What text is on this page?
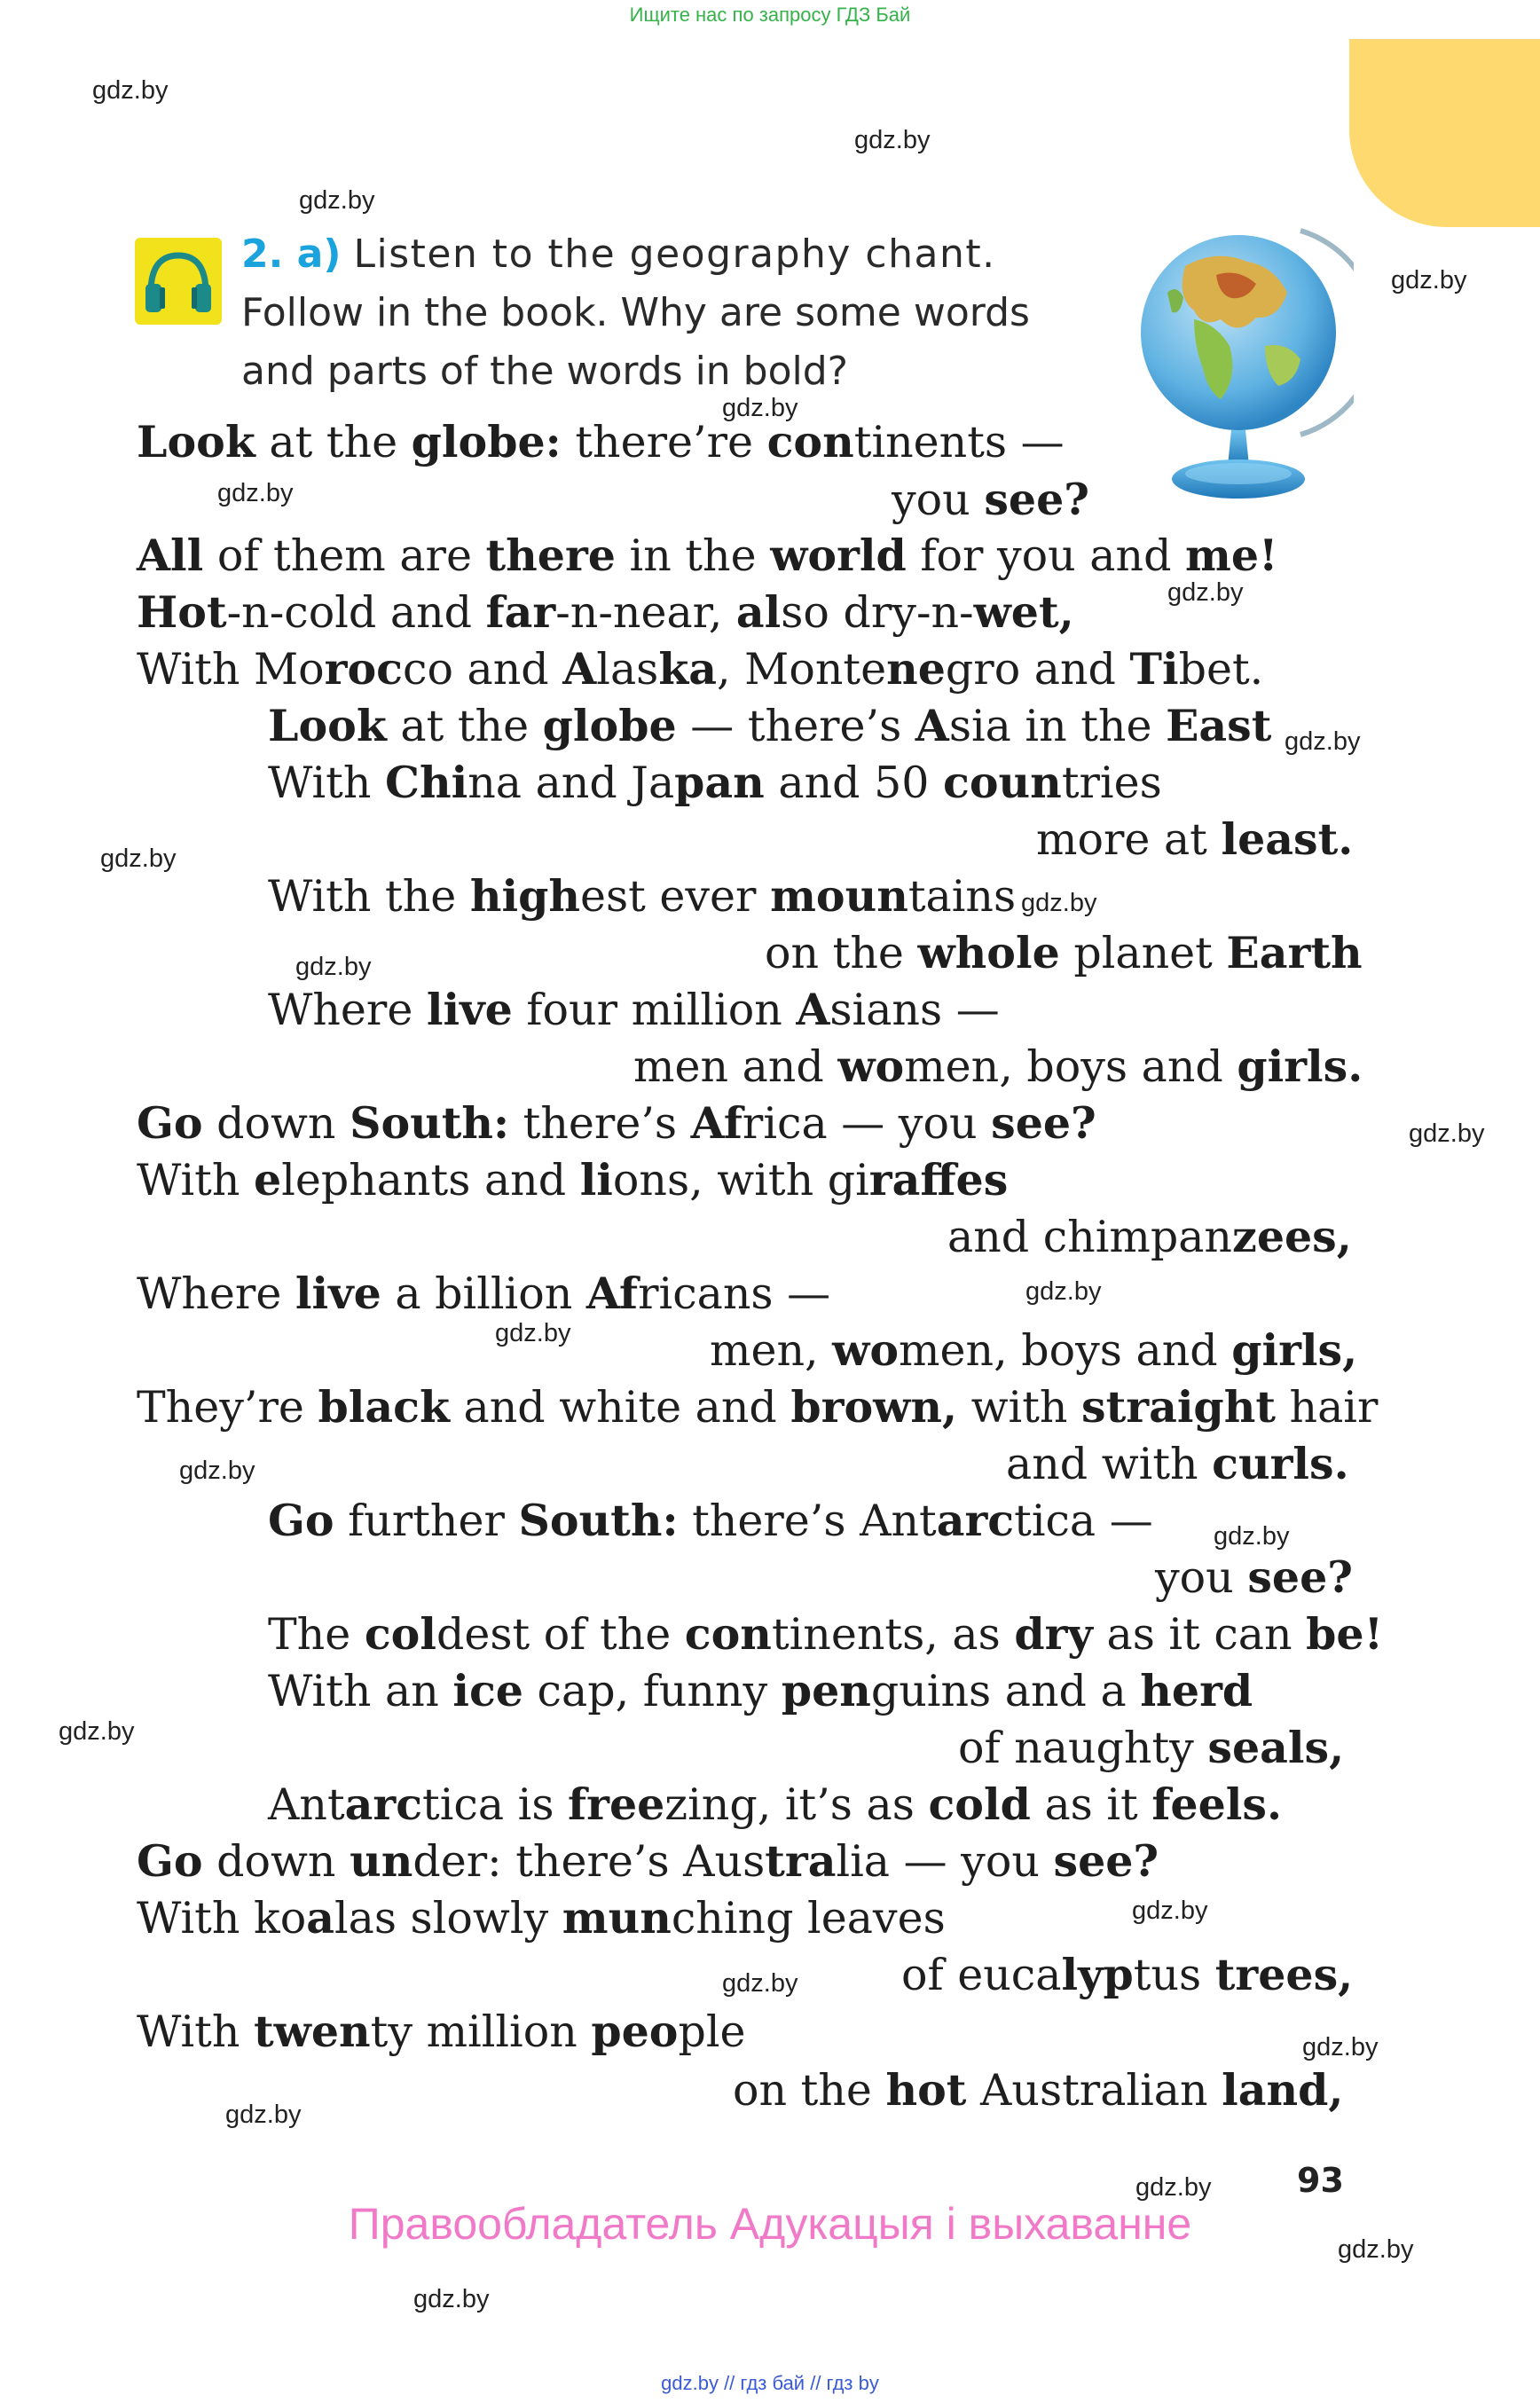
Ищите нас по запросу ГДЗ Бай
gdz.by
gdz.by
gdz.by
gdz.by
gdz.by
gdz.by
gdz.by
gdz.by
gdz.by
gdz.by
gdz.by
gdz.by
gdz.by
gdz.by
gdz.by
gdz.by
gdz.by
gdz.by
gdz.by
gdz.by
gdz.by
gdz.by
gdz.by
gdz.by
2. a) Listen to the geography chant.
Follow in the book. Why are some words
and parts of the words in bold?
Look at the globe: there’re continents —
you see?
All of them are there in the world for you and me!
Hot-n-cold and far-n-near, also dry-n-wet,
With Morocco and Alaska, Montenegro and Tibet.
Look at the globe — there’s Asia in the East
With China and Japan and 50 countries
more at least.
With the highest ever mountains
on the whole planet Earth
Where live four million Asians —
men and women, boys and girls.
Go down South: there’s Africa — you see?
With elephants and lions, with giraffes
and chimpanzees,
Where live a billion Africans —
men, women, boys and girls,
They’re black and white and brown, with straight hair
and with curls.
Go further South: there’s Antarctica —
you see?
The coldest of the continents, as dry as it can be!
With an ice cap, funny penguins and a herd
of naughty seals,
Antarctica is freezing, it’s as cold as it feels.
Go down under: there’s Australia — you see?
With koalas slowly munching leaves
of eucalyptus trees,
With twenty million people
on the hot Australian land,
93
Правообладатель Адукацыя і выхаванне
gdz.by // гдз бай // гдз by
